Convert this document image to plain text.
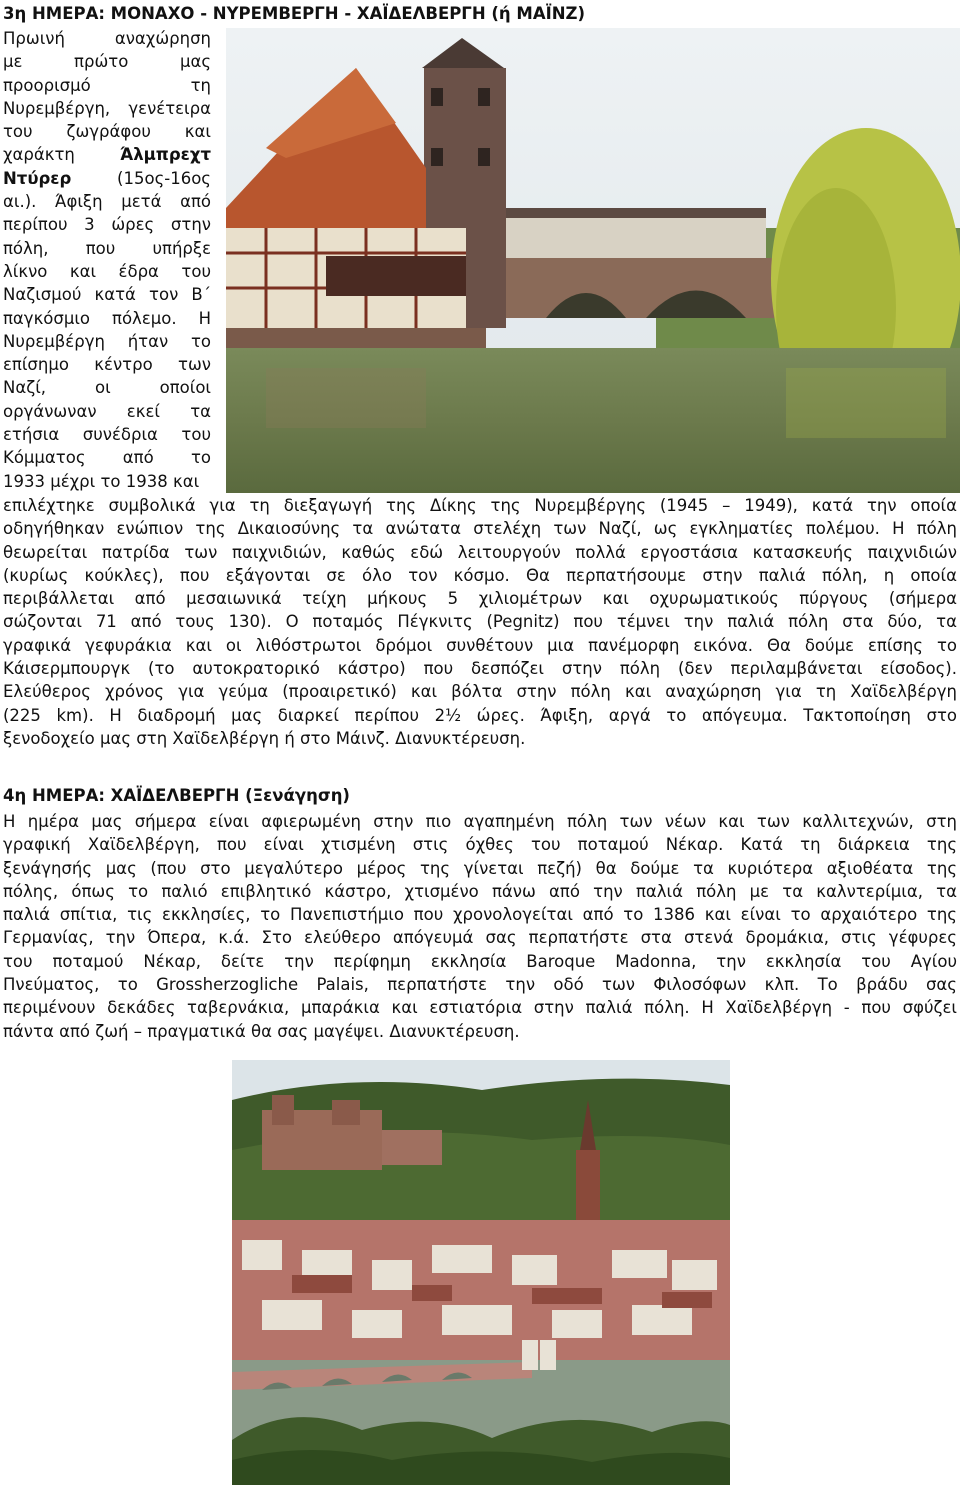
3η ΗΜΕΡΑ: ΜΟΝΑΧΟ - ΝΥΡΕΜΒΕΡΓΗ - ΧΑΪΔΕΛΒΕΡΓΗ (ή ΜΑΪΝΖ)
Πρωινή αναχώρηση
με πρώτο μας
προορισμό τη
Νυρεμβέργη, γενέτειρα
του ζωγράφου και
χαράκτη	Άλμπρεχτ
Ντύρερ	(15ος-16ος
αι.). Άφιξη μετά από
περίπου 3 ώρες στην
πόλη, που υπήρξε
λίκνο και έδρα του
Ναζισμού κατά τον Β΄
παγκόσμιο πόλεμο. Η
Νυρεμβέργη ήταν το
επίσημο κέντρο των
Ναζί, οι οποίοι
οργάνωναν εκεί τα
ετήσια συνέδρια του
Κόμματος από το
1933 μέχρι το 1938 και
επιλέχτηκε συμβολικά για τη διεξαγωγή της Δίκης της Νυρεμβέργης (1945 – 1949), κατά την οποία
οδηγήθηκαν ενώπιον της Δικαιοσύνης τα ανώτατα στελέχη των Ναζί, ως εγκληματίες πολέμου. Η πόλη
θεωρείται πατρίδα των παιχνιδιών, καθώς εδώ λειτουργούν πολλά εργοστάσια κατασκευής παιχνιδιών
(κυρίως κούκλες), που εξάγονται σε όλο τον κόσμο. Θα περπατήσουμε στην παλιά πόλη, η οποία
περιβάλλεται από μεσαιωνικά τείχη μήκους 5 χιλιομέτρων και οχυρωματικούς πύργους (σήμερα
σώζονται 71 από τους 130). Ο ποταμός Πέγκνιτς (Pegnitz) που τέμνει την παλιά πόλη στα δύο, τα
γραφικά γεφυράκια και οι λιθόστρωτοι δρόμοι συνθέτουν μια πανέμορφη εικόνα. Θα δούμε επίσης το
Κάισερμπουργκ (το αυτοκρατορικό κάστρο) που δεσπόζει στην πόλη (δεν περιλαμβάνεται είσοδος).
Ελεύθερος χρόνος για γεύμα (προαιρετικό) και βόλτα στην πόλη και αναχώρηση για τη Χαϊδελβέργη
(225 km). Η διαδρομή μας διαρκεί περίπου 2½ ώρες. Άφιξη, αργά το απόγευμα. Τακτοποίηση στο
ξενοδοχείο μας στη Χαϊδελβέργη ή στο Μάινζ. Διανυκτέρευση.
4η ΗΜΕΡΑ: ΧΑΪΔΕΛΒΕΡΓΗ (Ξενάγηση)
Η ημέρα μας σήμερα είναι αφιερωμένη στην πιο αγαπημένη πόλη των νέων και των καλλιτεχνών, στη
γραφική Χαϊδελβέργη, που είναι χτισμένη στις όχθες του ποταμού Νέκαρ. Κατά τη διάρκεια της
ξενάγησής μας (που στο μεγαλύτερο μέρος της γίνεται πεζή) θα δούμε τα κυριότερα αξιοθέατα της
πόλης, όπως το παλιό επιβλητικό κάστρο, χτισμένο πάνω από την παλιά πόλη με τα καλντερίμια, τα
παλιά σπίτια, τις εκκλησίες, το Πανεπιστήμιο που χρονολογείται από το 1386 και είναι το αρχαιότερο της
Γερμανίας, την Όπερα, κ.ά. Στο ελεύθερο απόγευμά σας περπατήστε στα στενά δρομάκια, στις γέφυρες
του ποταμού Νέκαρ, δείτε την περίφημη εκκλησία Baroque Madonna, την εκκλησία του Αγίου
Πνεύματος, το Grossherzogliche Palais, περπατήστε την οδό των Φιλοσόφων κλπ. Το βράδυ σας
περιμένουν δεκάδες ταβερνάκια, μπαράκια και εστιατόρια στην παλιά πόλη. Η Χαϊδελβέργη - που σφύζει
πάντα από ζωή – πραγματικά θα σας μαγέψει. Διανυκτέρευση.
